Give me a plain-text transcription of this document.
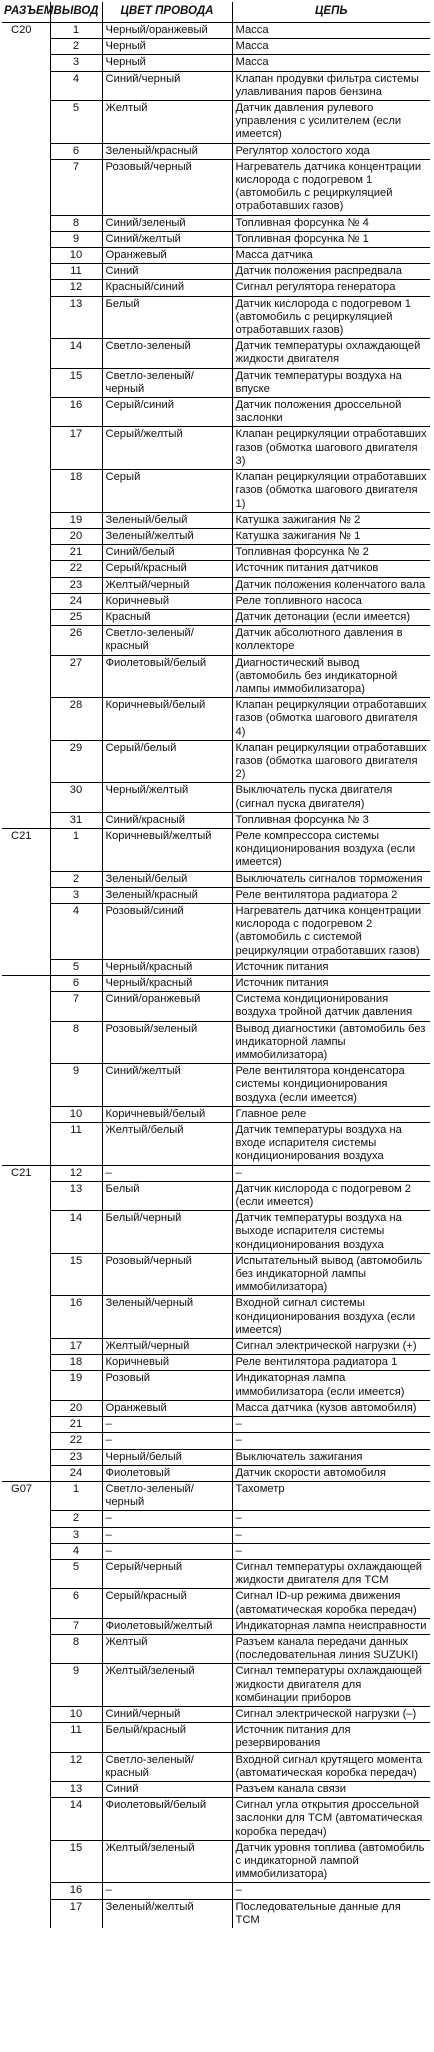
РАЗЪЕМ	ВЫВОД	ЦВЕТ ПРОВОДА	ЦЕПЬ

C20	1	Черный/оранжевый	Масса

	2	Черный	Масса

	3	Черный	Масса

	4	Синий/черный	Клапан продувки фильтра системы улавливания паров бензина

	5	Желтый	Датчик давления рулевого управления с усилителем (если имеется)

	6	Зеленый/красный	Регулятор холостого хода

	7	Розовый/черный	Нагреватель датчика концентрации кислорода с подогревом 1 (автомобиль с рециркуляцией отработавших газов)

	8	Синий/зеленый	Топливная форсунка № 4

	9	Синий/желтый	Топливная форсунка № 1

	10	Оранжевый	Масса датчика

	11	Синий	Датчик положения распредвала

	12	Красный/синий	Сигнал регулятора генератора

	13	Белый	Датчик кислорода с подогревом 1 (автомобиль с рециркуляцией отработавших газов)

	14	Светло-зеленый	Датчик температуры охлаждающей жидкости двигателя

	15	Светло-зеленый/черный	Датчик температуры воздуха на впуске

	16	Серый/синий	Датчик положения дроссельной заслонки

	17	Серый/желтый	Клапан рециркуляции отработавших газов (обмотка шагового двигателя 3)

	18	Серый	Клапан рециркуляции отработавших газов (обмотка шагового двигателя 1)

	19	Зеленый/белый	Катушка зажигания № 2

	20	Зеленый/желтый	Катушка зажигания № 1

	21	Синий/белый	Топливная форсунка № 2

	22	Серый/красный	Источник питания датчиков

	23	Желтый/черный	Датчик положения коленчатого вала

	24	Коричневый	Реле топливного насоса

	25	Красный	Датчик детонации (если имеется)

	26	Светло-зеленый/красный	Датчик абсолютного давления в коллекторе

	27	Фиолетовый/белый	Диагностический вывод (автомобиль без индикаторной лампы иммобилизатора)

	28	Коричневый/белый	Клапан рециркуляции отработавших газов (обмотка шагового двигателя 4)

	29	Серый/белый	Клапан рециркуляции отработавших газов (обмотка шагового двигателя 2)

	30	Черный/желтый	Выключатель пуска двигателя (сигнал пуска двигателя)

	31	Синий/красный	Топливная форсунка № 3

C21	1	Коричневый/желтый	Реле компрессора системы кондиционирования воздуха (если имеется)

	2	Зеленый/белый	Выключатель сигналов торможения

	3	Зеленый/красный	Реле вентилятора радиатора 2

	4	Розовый/синий	Нагреватель датчика концентрации кислорода с подогревом 2 (автомобиль с системой рециркуляции отработавших газов)

	5	Черный/красный	Источник питания

	6	Черный/красный	Источник питания

	7	Синий/оранжевый	Система кондиционирования воздуха тройной датчик давления

	8	Розовый/зеленый	Вывод диагностики (автомобиль без индикаторной лампы иммобилизатора)

	9	Синий/желтый	Реле вентилятора конденсатора системы кондиционирования воздуха (если имеется)

	10	Коричневый/белый	Главное реле

	11	Желтый/белый	Датчик температуры воздуха на входе испарителя системы кондиционирования воздуха

C21	12	–	–

	13	Белый	Датчик кислорода с подогревом 2 (если имеется)

	14	Белый/черный	Датчик температуры воздуха на выходе испарителя системы кондиционирования воздуха

	15	Розовый/черный	Испытательный вывод (автомобиль без индикаторной лампы иммобилизатора)

	16	Зеленый/черный	Входной сигнал системы кондиционирования воздуха (если имеется)

	17	Желтый/черный	Сигнал электрической нагрузки (+)

	18	Коричневый	Реле вентилятора радиатора 1

	19	Розовый	Индикаторная лампа иммобилизатора (если имеется)

	20	Оранжевый	Масса датчика (кузов автомобиля)

	21	–	–

	22	–	–

	23	Черный/белый	Выключатель зажигания

	24	Фиолетовый	Датчик скорости автомобиля

G07	1	Светло-зеленый/черный	Тахометр

	2	–	–

	3	–	–

	4	–	–

	5	Серый/черный	Сигнал температуры охлаждающей жидкости двигателя для TCM

	6	Серый/красный	Сигнал ID-up режима движения (автоматическая коробка передач)

	7	Фиолетовый/желтый	Индикаторная лампа неисправности

	8	Желтый	Разъем канала передачи данных (последовательная линия SUZUKI)

	9	Желтый/зеленый	Сигнал температуры охлаждающей жидкости двигателя для комбинации приборов

	10	Синий/черный	Сигнал электрической нагрузки (–)

	11	Белый/красный	Источник питания для резервирования

	12	Светло-зеленый/красный	Входной сигнал крутящего момента (автоматическая коробка передач)

	13	Синий	Разъем канала связи

	14	Фиолетовый/белый	Сигнал угла открытия дроссельной заслонки для TCM (автоматическая коробка передач)

	15	Желтый/зеленый	Датчик уровня топлива (автомобиль с индикаторной лампой иммобилизатора)

	16	–	–

	17	Зеленый/желтый	Последовательные данные для TCM
